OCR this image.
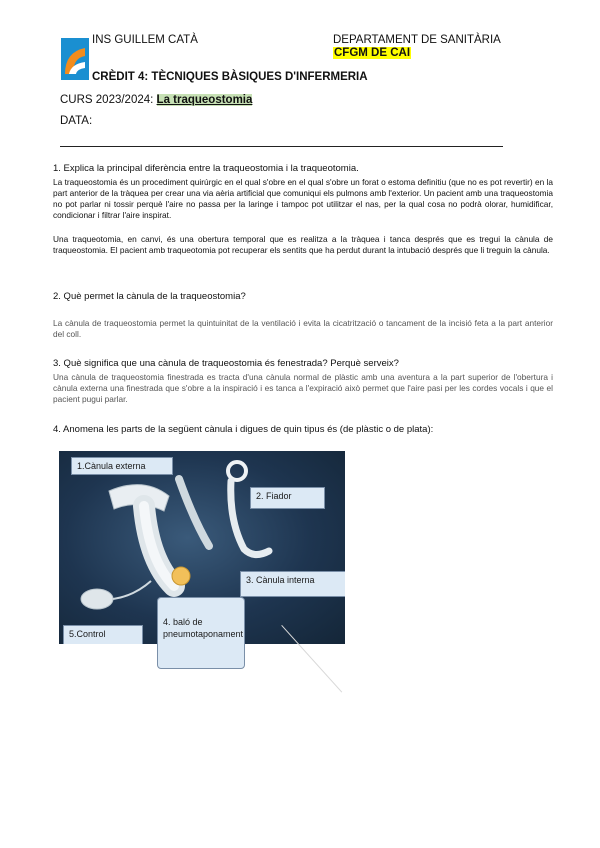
INS GUILLEM CATÀ	DEPARTAMENT DE SANITÀRIA
CFGM DE CAI
CRÈDIT 4: TÈCNIQUES BÀSIQUES D'INFERMERIA
CURS 2023/2024: La traqueostomia
DATA:
1. Explica la principal diferència entre la traqueostomia i la traqueotomia.
La traqueostomia és un procediment quirúrgic en el qual s'obre en el qual s'obre un forat o estoma definitiu (que no es pot revertir) en la part anterior de la tràquea per crear una via aèria artificial que comuniqui els pulmons amb l'exterior. Un pacient amb una traqueostomia no pot parlar ni tossir perquè l'aire no passa per la laringe i tampoc pot utilitzar el nas, per la qual cosa no podrà olorar, humidificar, condicionar i filtrar l'aire inspirat.
Una traqueotomia, en canvi, és una obertura temporal que es realitza a la tràquea i tanca després que es tregui la cànula de traqueostomia. El pacient amb traqueotomia pot recuperar els sentits que ha perdut durant la intubació després que li treguin la cànula.
2. Què permet la cànula de la traqueostomia?
La cànula de traqueostomia permet la quintuinitat de la ventilació i evita la cicatrització o tancament de la incisió feta a la part anterior del coll.
3. Què significa que una cànula de traqueostomia és fenestrada? Perquè serveix?
Una cànula de traqueostomia finestrada es tracta d'una cànula normal de plàstic amb una aventura a la part superior de l'obertura i cànula externa una finestrada que s'obre a la inspiració i es tanca a l'expiració això permet que l'aire pasi per les cordes vocals i que el pacient pugui parlar.
4. Anomena les parts de la següent cànula i digues de quin tipus és (de plàstic o de plata):
1.Cànula externa
2. Fiador
3. Cànula interna
5.Control
4. baló de pneumotaponament
